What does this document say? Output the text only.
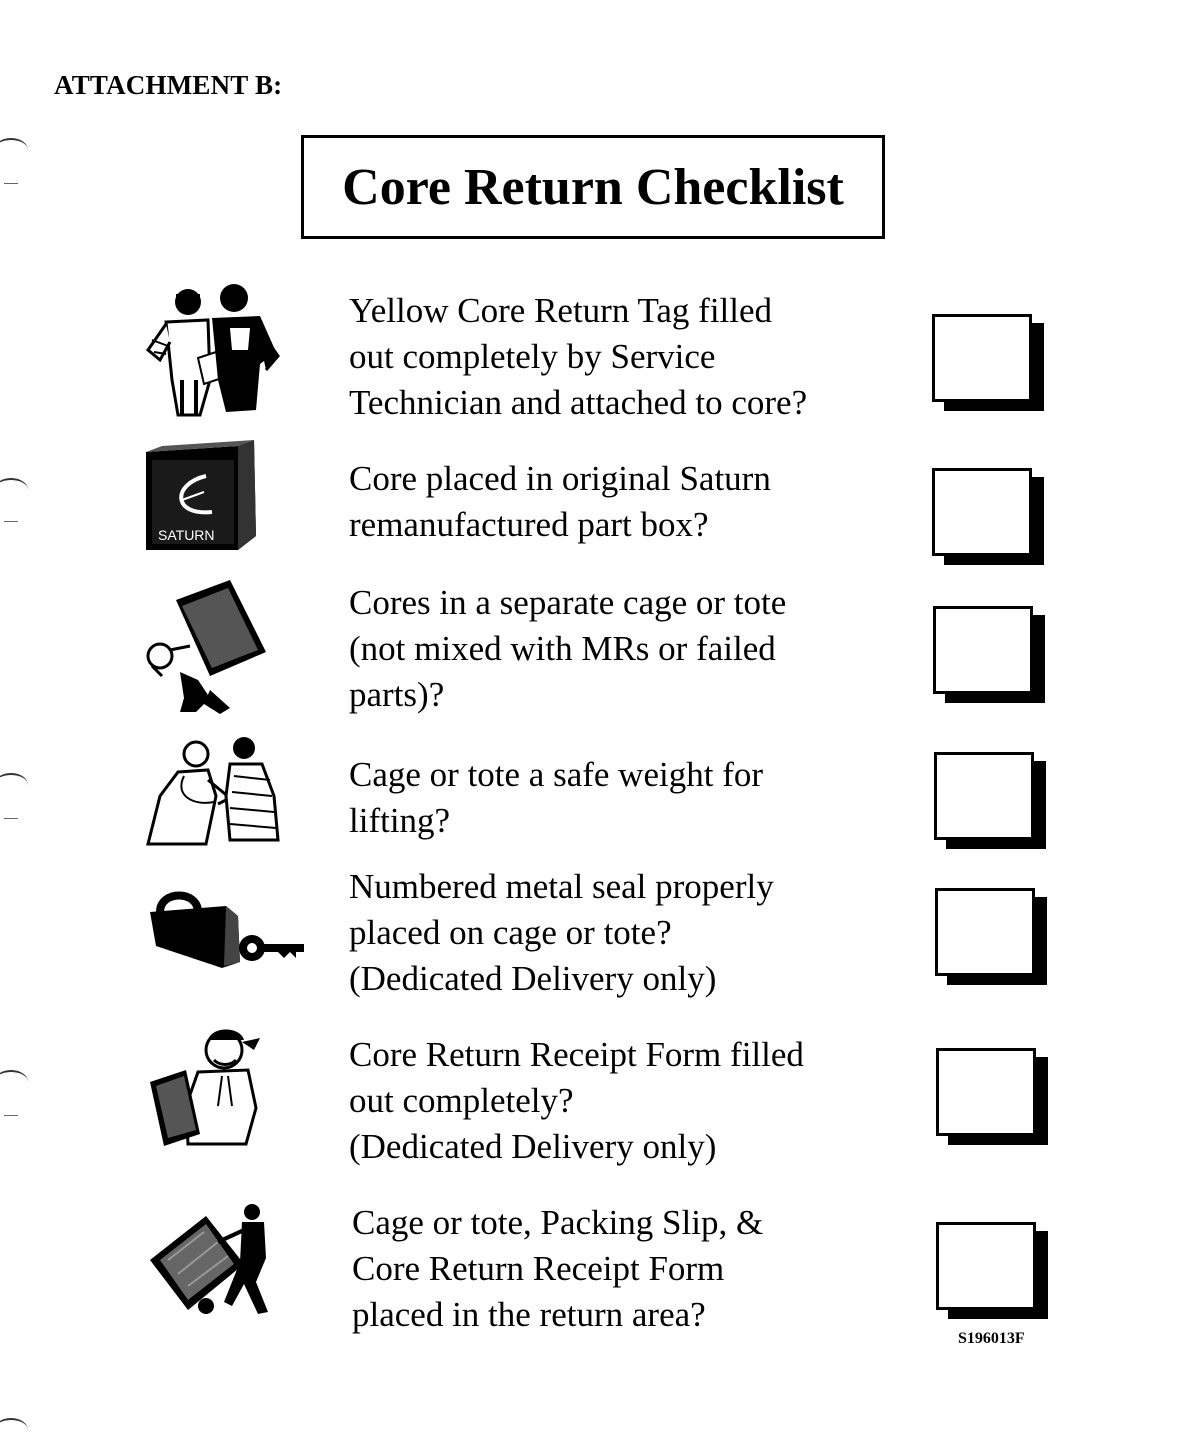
ATTACHMENT B:
Core Return Checklist
Yellow Core Return Tag filled
out completely by Service
Technician and attached to core?
SATURN
Core placed in original Saturn
remanufactured part box?
Cores in a separate cage or tote
(not mixed with MRs or failed
parts)?
Cage or tote a safe weight for
lifting?
Numbered metal seal properly
placed on cage or tote?
(Dedicated Delivery only)
Core Return Receipt Form filled
out completely?
(Dedicated Delivery only)
Cage or tote, Packing Slip, &
Core Return Receipt Form
placed in the return area?
S196013F
